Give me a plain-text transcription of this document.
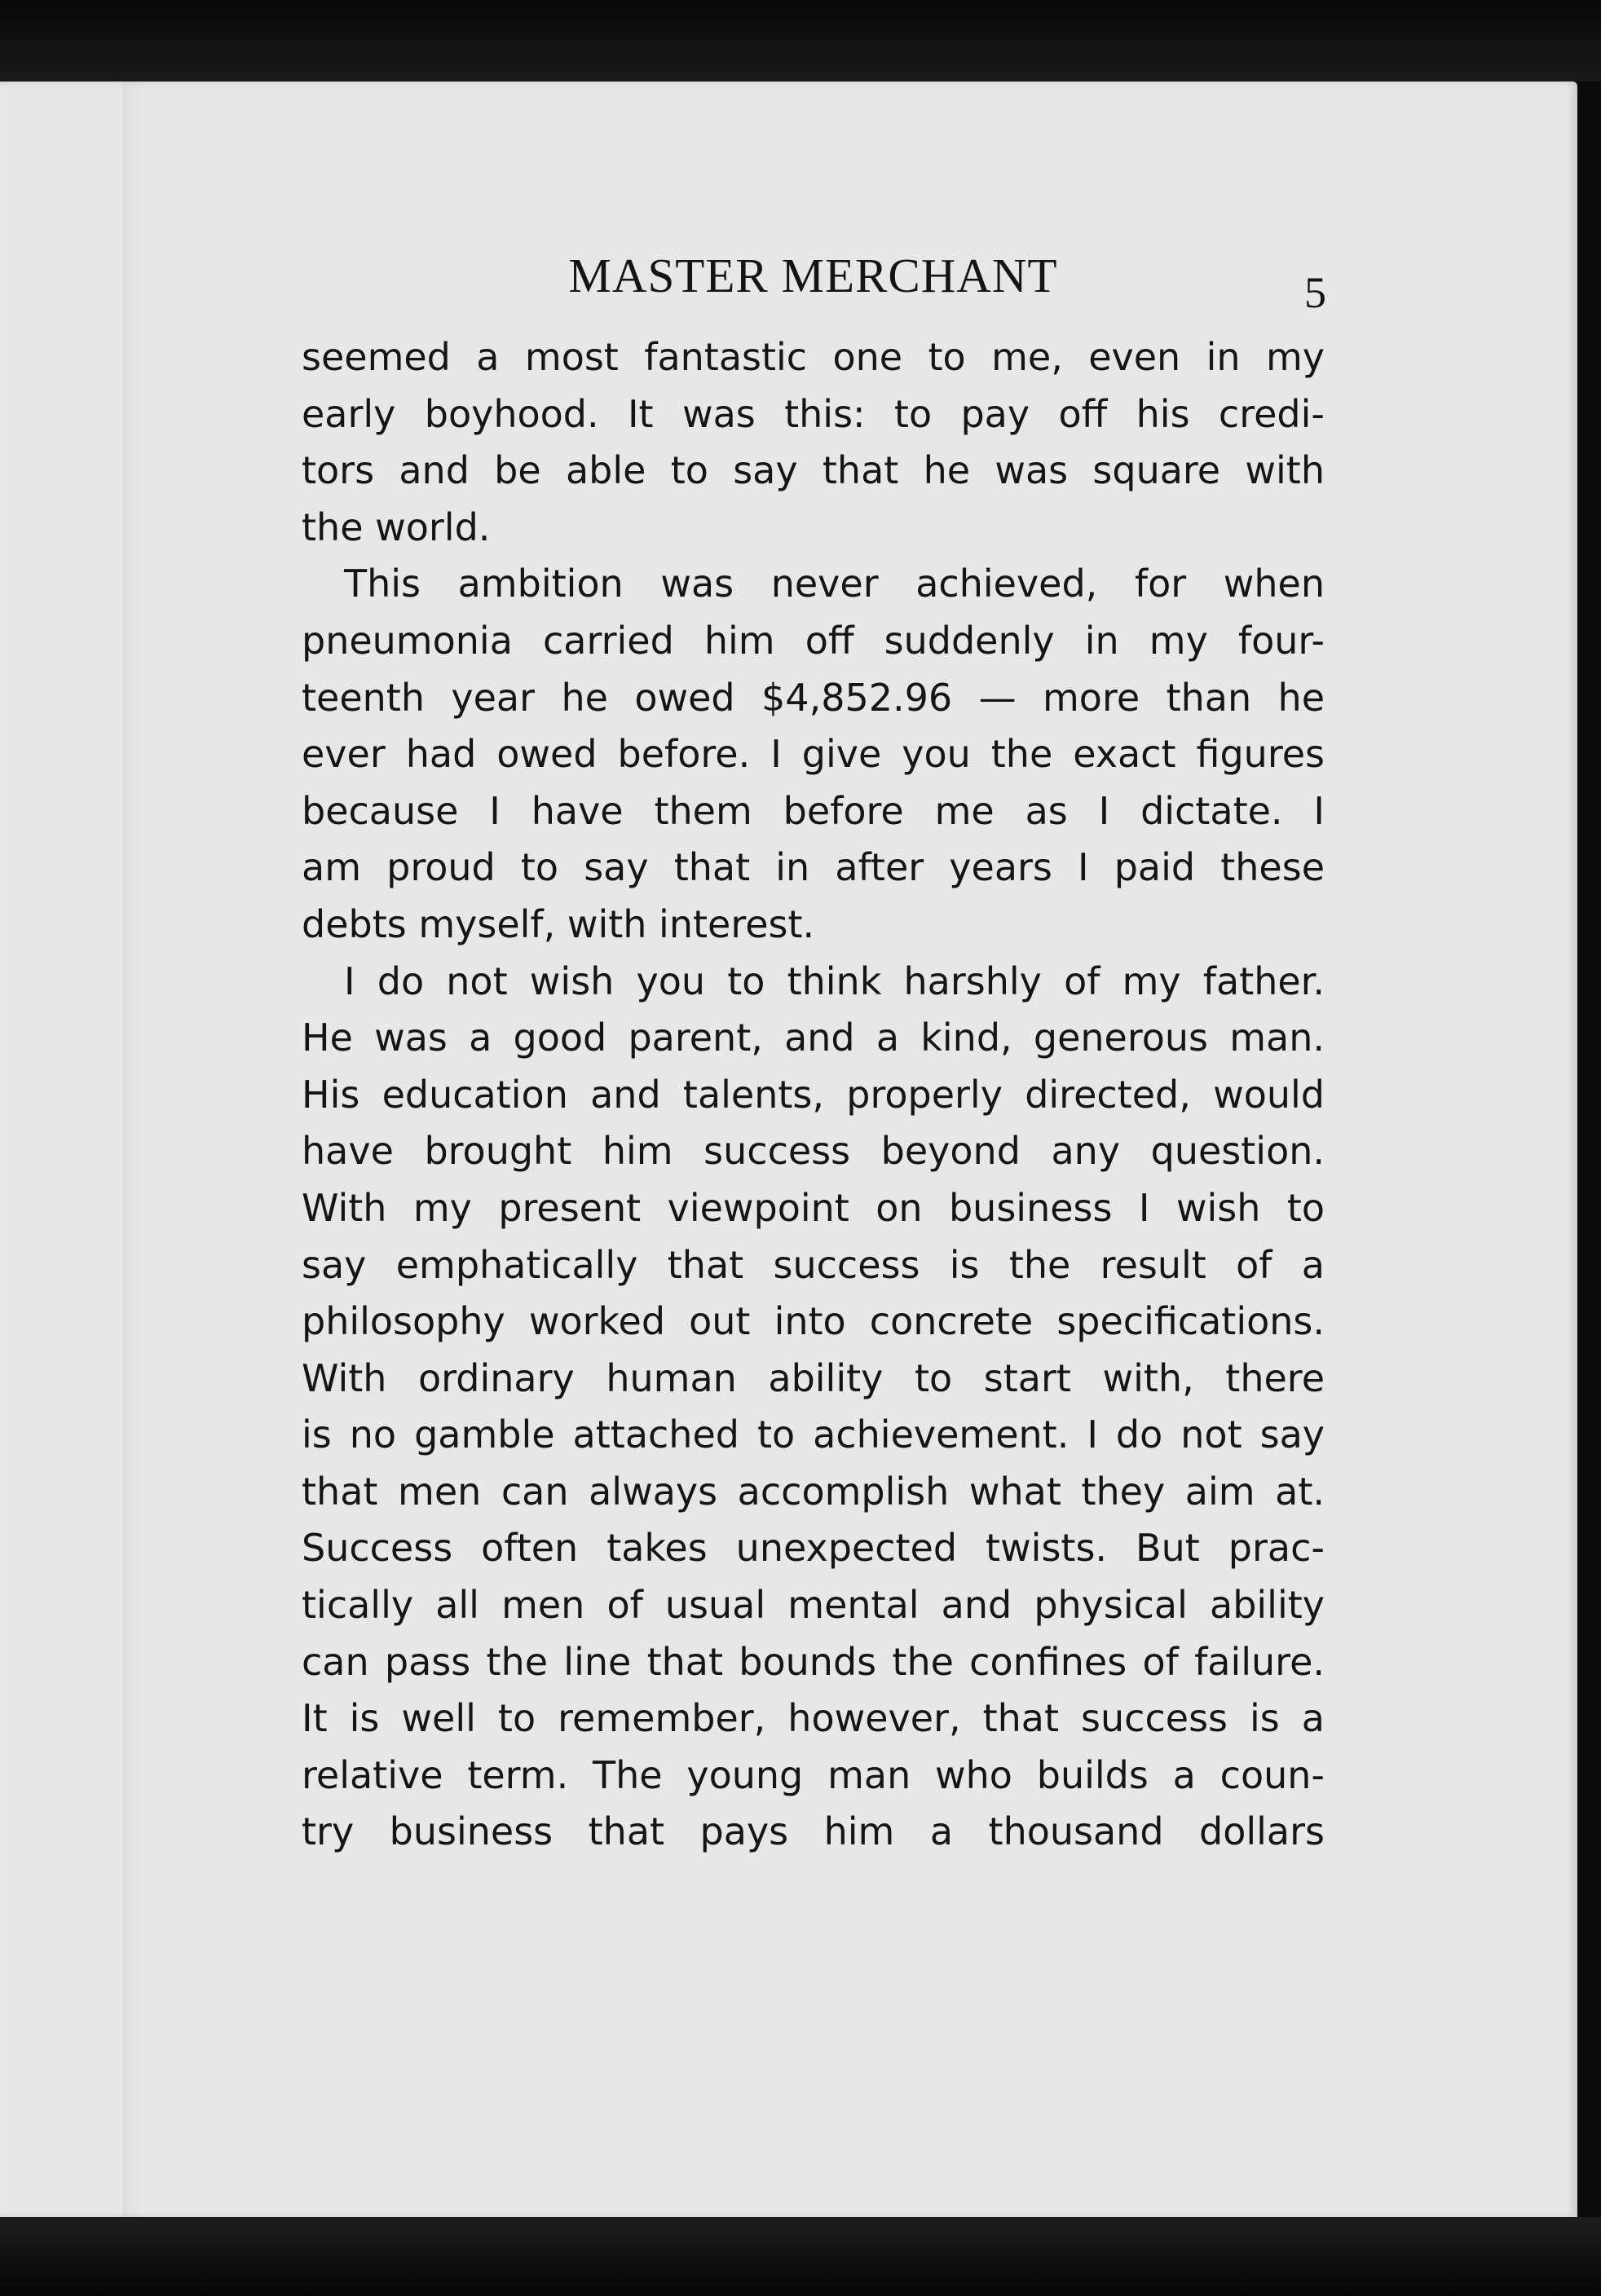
MASTER MERCHANT	5
seemed a most fantastic one to me, even in my
early boyhood. It was this: to pay off his credi-
tors and be able to say that he was square with
the world.
This ambition was never achieved, for when
pneumonia carried him off suddenly in my four-
teenth year he owed $4,852.96 — more than he
ever had owed before. I give you the exact figures
because I have them before me as I dictate. I
am proud to say that in after years I paid these
debts myself, with interest.
I do not wish you to think harshly of my father.
He was a good parent, and a kind, generous man.
His education and talents, properly directed, would
have brought him success beyond any question.
With my present viewpoint on business I wish to
say emphatically that success is the result of a
philosophy worked out into concrete specifications.
With ordinary human ability to start with, there
is no gamble attached to achievement. I do not say
that men can always accomplish what they aim at.
Success often takes unexpected twists. But prac-
tically all men of usual mental and physical ability
can pass the line that bounds the confines of failure.
It is well to remember, however, that success is a
relative term. The young man who builds a coun-
try business that pays him a thousand dollars
